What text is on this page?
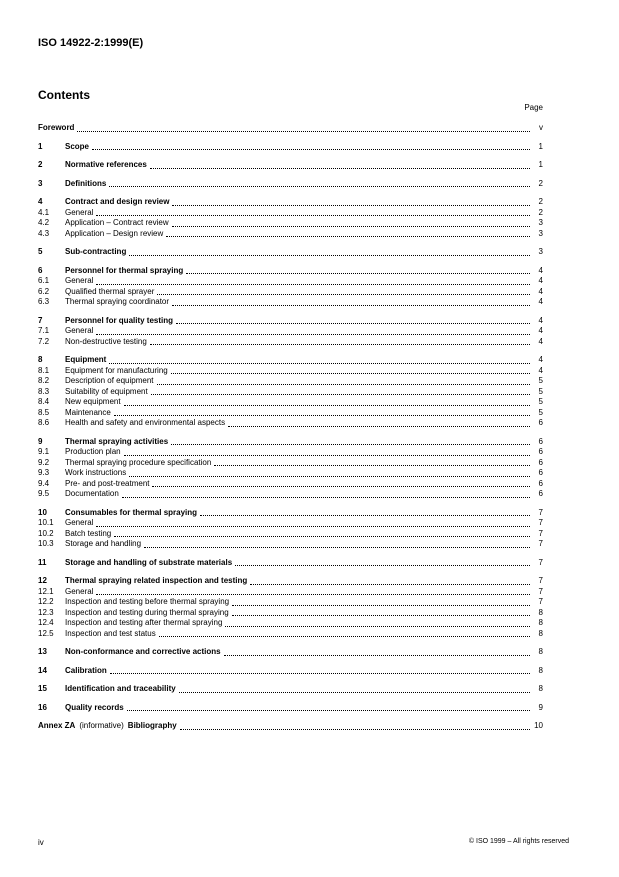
ISO 14922-2:1999(E)
Contents
Page
Foreword	v
1	Scope	1
2	Normative references	1
3	Definitions	2
4	Contract and design review	2
4.1	General	2
4.2	Application – Contract review	3
4.3	Application – Design review	3
5	Sub-contracting	3
6	Personnel for thermal spraying	4
6.1	General	4
6.2	Qualified thermal sprayer	4
6.3	Thermal spraying coordinator	4
7	Personnel for quality testing	4
7.1	General	4
7.2	Non-destructive testing	4
8	Equipment	4
8.1	Equipment for manufacturing	4
8.2	Description of equipment	5
8.3	Suitability of equipment	5
8.4	New equipment	5
8.5	Maintenance	5
8.6	Health and safety and environmental aspects	6
9	Thermal spraying activities	6
9.1	Production plan	6
9.2	Thermal spraying procedure specification	6
9.3	Work instructions	6
9.4	Pre- and post-treatment	6
9.5	Documentation	6
10	Consumables for thermal spraying	7
10.1	General	7
10.2	Batch testing	7
10.3	Storage and handling	7
11	Storage and handling of substrate materials	7
12	Thermal spraying related inspection and testing	7
12.1	General	7
12.2	Inspection and testing before thermal spraying	7
12.3	Inspection and testing during thermal spraying	8
12.4	Inspection and testing after thermal spraying	8
12.5	Inspection and test status	8
13	Non-conformance and corrective actions	8
14	Calibration	8
15	Identification and traceability	8
16	Quality records	9
Annex ZA (informative) Bibliography	10
iv	© ISO 1999 – All rights reserved
